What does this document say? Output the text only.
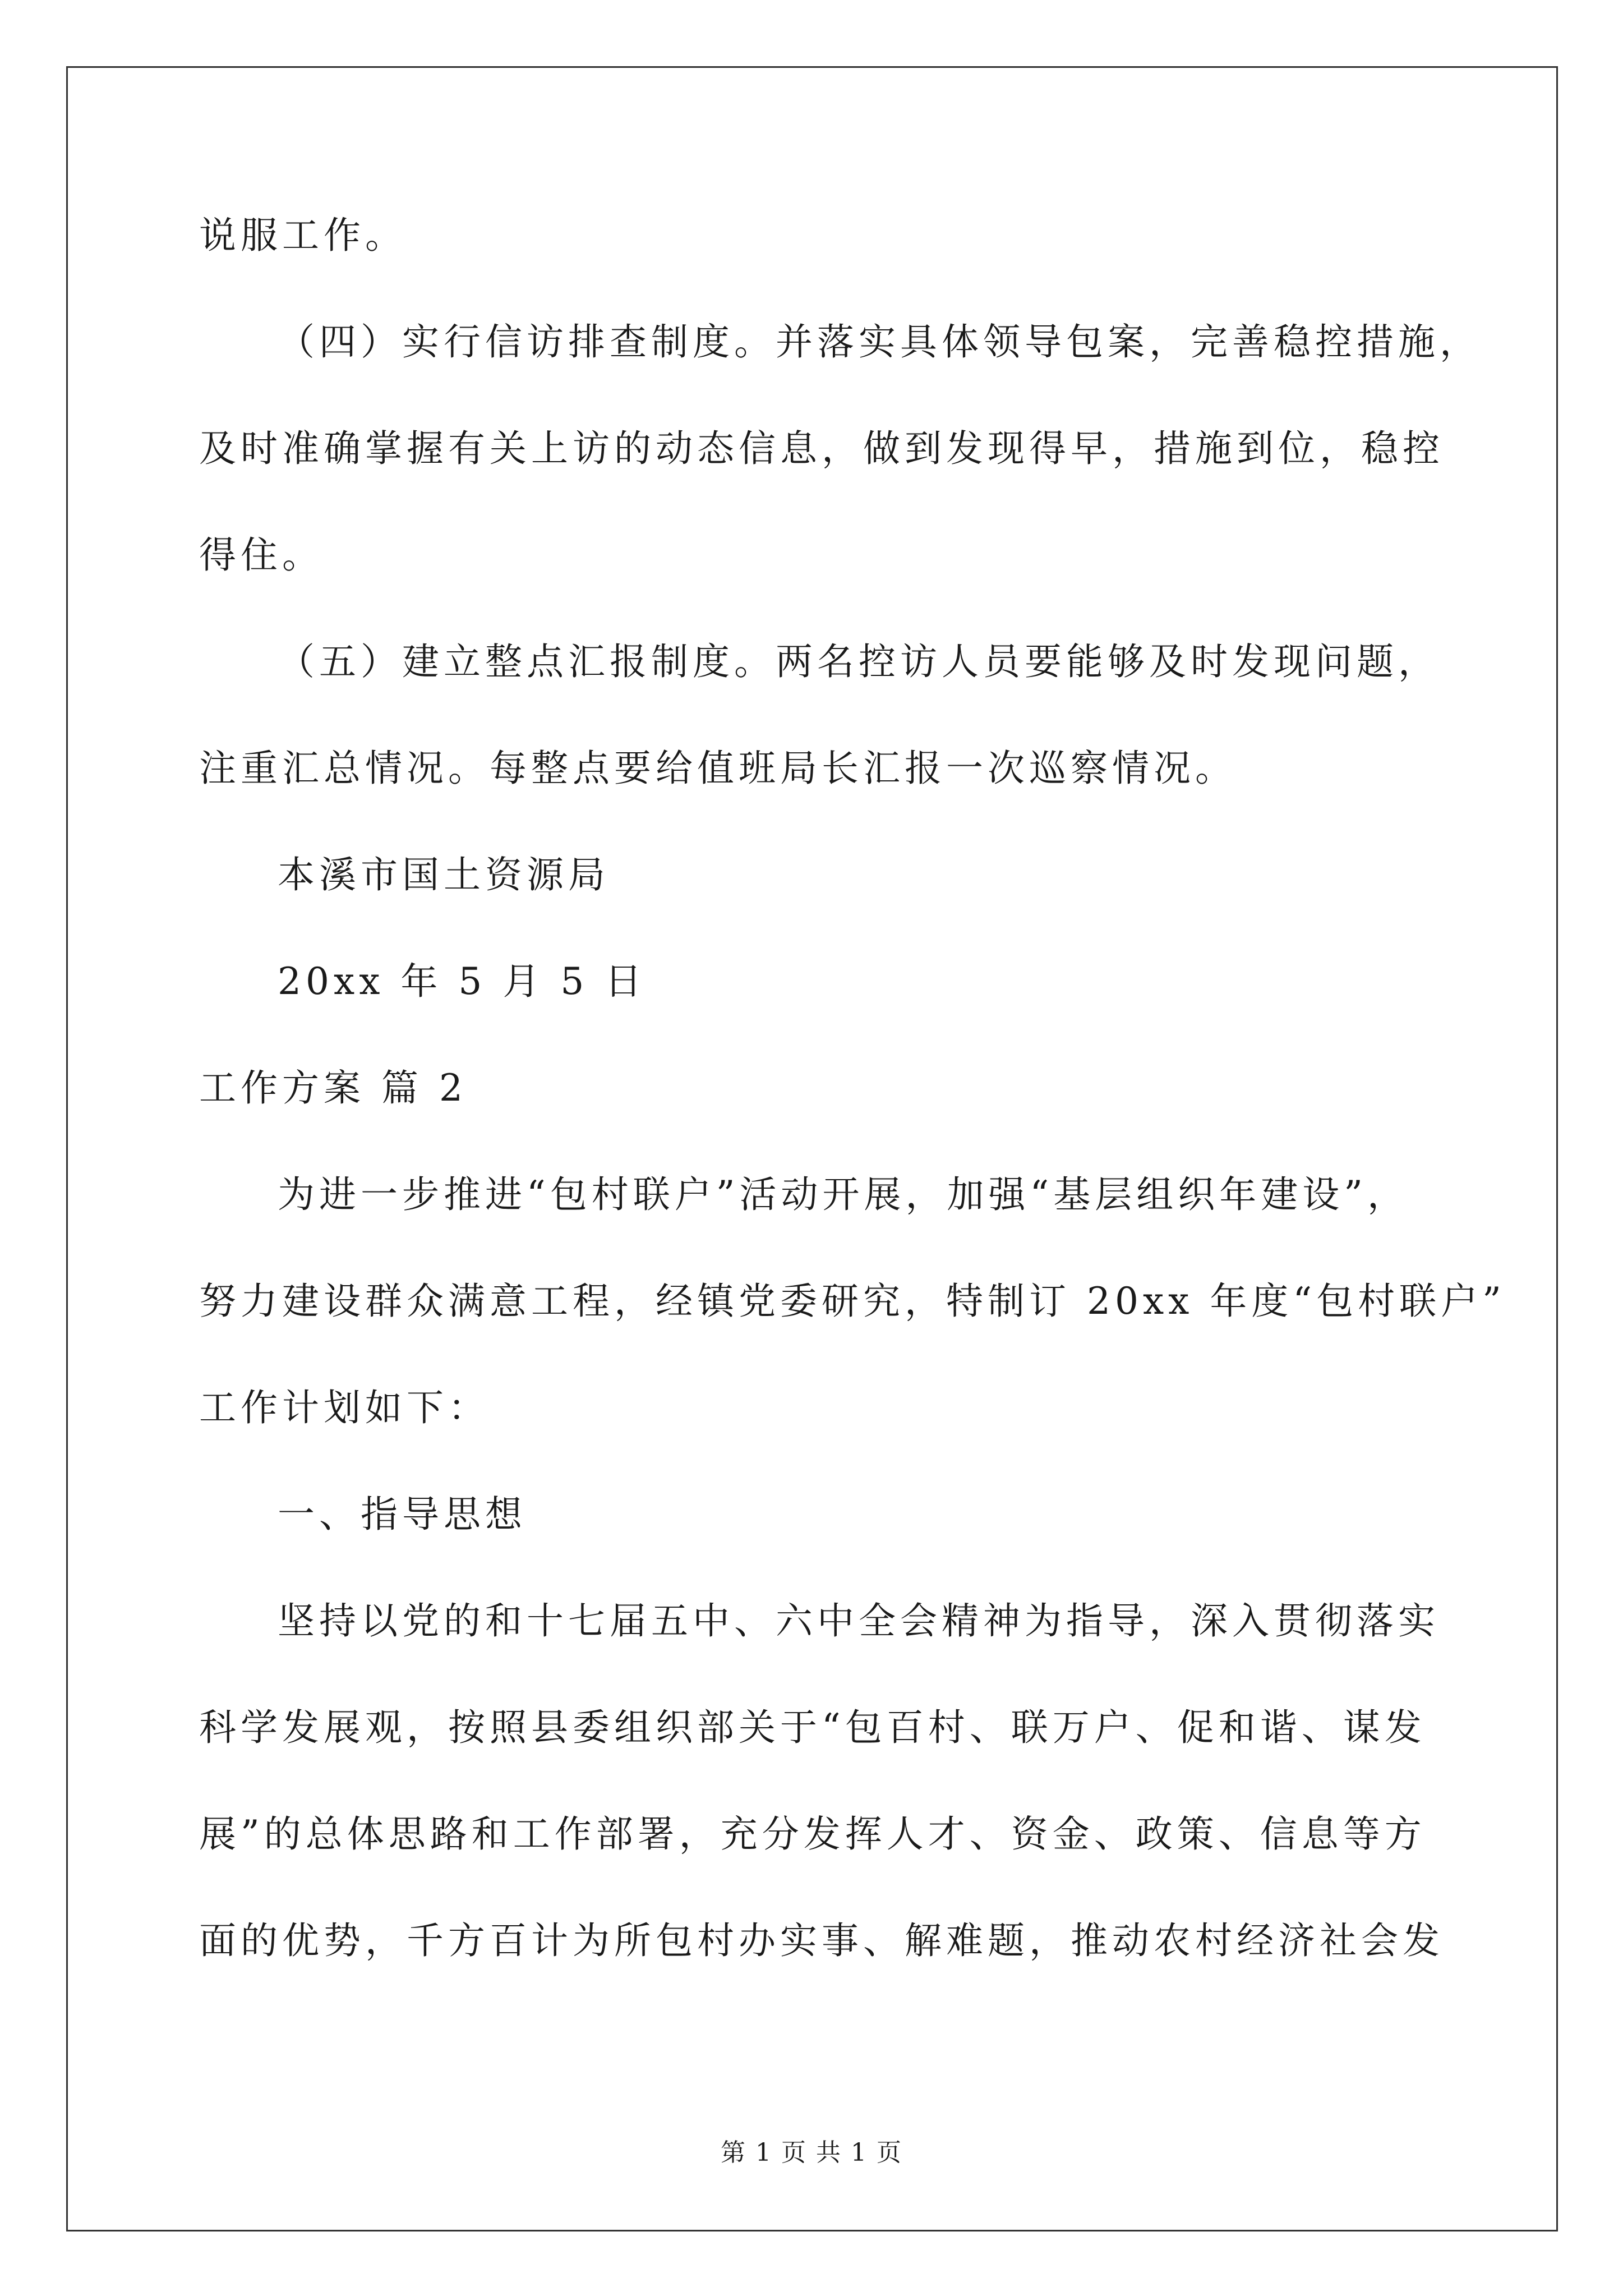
说服工作。
（四）实行信访排查制度。并落实具体领导包案，完善稳控措施，
及时准确掌握有关上访的动态信息，做到发现得早，措施到位，稳控
得住。
（五）建立整点汇报制度。两名控访人员要能够及时发现问题，
注重汇总情况。每整点要给值班局长汇报一次巡察情况。
本溪市国土资源局
20xx 年 5 月 5 日
工作方案 篇 2
为进一步推进“包村联户”活动开展，加强“基层组织年建设”，
努力建设群众满意工程，经镇党委研究，特制订 20xx 年度“包村联户”
工作计划如下：
一、指导思想
坚持以党的和十七届五中、六中全会精神为指导，深入贯彻落实
科学发展观，按照县委组织部关于“包百村、联万户、促和谐、谋发
展”的总体思路和工作部署，充分发挥人才、资金、政策、信息等方
面的优势，千方百计为所包村办实事、解难题，推动农村经济社会发
第 1 页 共 1 页
